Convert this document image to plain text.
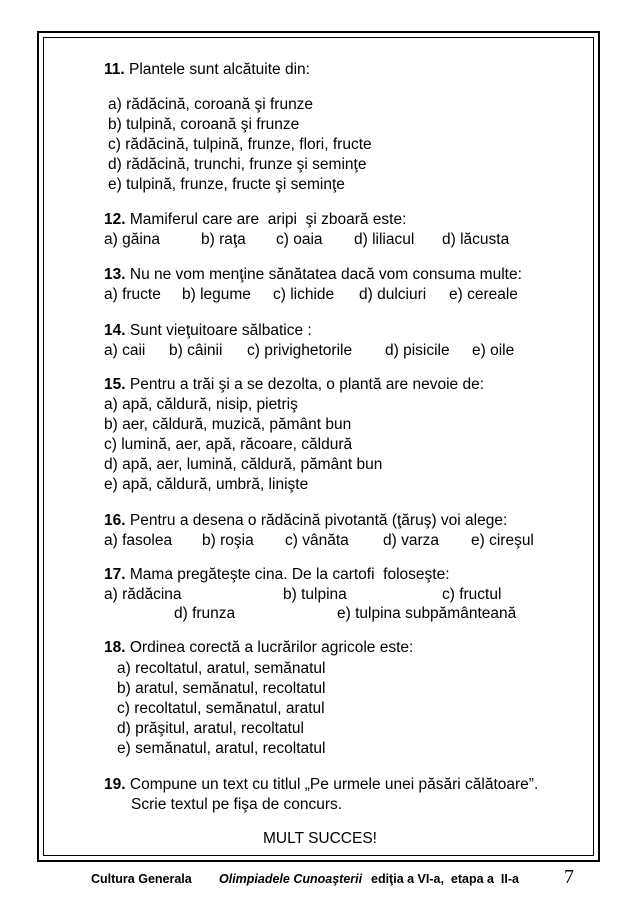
11. Plantele sunt alcătuite din:
a) rădăcină, coroană şi frunze
b) tulpină, coroană şi frunze
c) rădăcină, tulpină, frunze, flori, fructe
d) rădăcină, trunchi, frunze şi seminţe
e) tulpină, frunze, fructe şi seminţe
12. Mamiferul care are  aripi  şi zboară este:
a) găina	b) raţa c) oaia d) liliacul d) lăcusta
13. Nu ne vom menţine sănătatea dacă vom consuma multe:
a) fructe b) legume c) lichide d) dulciuri e) cereale
14. Sunt vieţuitoare sălbatice :
a) caii b) câinii c) privighetorile d) pisicile e) oile
15. Pentru a trăi şi a se dezolta, o plantă are nevoie de:
a) apă, căldură, nisip, pietriş
b) aer, căldură, muzică, pământ bun
c) lumină, aer, apă, răcoare, căldură
d) apă, aer, lumină, căldură, pământ bun
e) apă, căldură, umbră, linişte
16. Pentru a desena o rădăcină pivotantă (ţăruş) voi alege:
a) fasolea b) roşia c) vânăta d) varza e) cireşul
17. Mama pregăteşte cina. De la cartofi  foloseşte:
a) rădăcina	b) tulpina	c) fructul
d) frunza	e) tulpina subpământeană
18. Ordinea corectă a lucrărilor agricole este:
a) recoltatul, aratul, semănatul
b) aratul, semănatul, recoltatul
c) recoltatul, semănatul, aratul
d) prăşitul, aratul, recoltatul
e) semănatul, aratul, recoltatul
19. Compune un text cu titlul „Pe urmele unei păsări călătoare”.
Scrie textul pe fişa de concurs.
MULT SUCCES!
Cultura Generala Olimpiadele Cunoaşterii ediţia a VI-a,  etapa a  II-a 7
